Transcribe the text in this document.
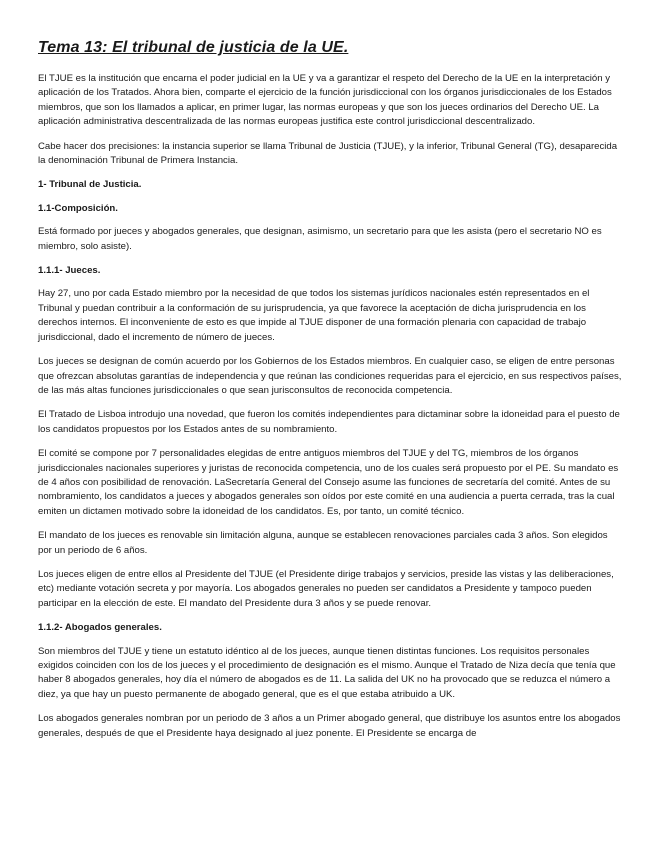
Tema 13: El tribunal de justicia de la UE.

El TJUE es la institución que encarna el poder judicial en la UE y va a garantizar el respeto del Derecho de la UE en la interpretación y aplicación de los Tratados. Ahora bien, comparte el ejercicio de la función jurisdiccional con los órganos jurisdiccionales de los Estados miembros, que son los llamados a aplicar, en primer lugar, las normas europeas y que son los jueces ordinarios del Derecho UE. La aplicación administrativa descentralizada de las normas europeas justifica este control jurisdiccional descentralizado.

Cabe hacer dos precisiones: la instancia superior se llama Tribunal de Justicia (TJUE), y la inferior, Tribunal General (TG), desaparecida la denominación Tribunal de Primera Instancia.

1- Tribunal de Justicia.

1.1-Composición.

Está formado por jueces y abogados generales, que designan, asimismo, un secretario para que les asista (pero el secretario NO es miembro, solo asiste).

1.1.1- Jueces.

Hay 27, uno por cada Estado miembro por la necesidad de que todos los sistemas jurídicos nacionales estén representados en el Tribunal y puedan contribuir a la conformación de su jurisprudencia, ya que favorece la aceptación de dicha jurisprudencia en los derechos internos. El inconveniente de esto es que impide al TJUE disponer de una formación plenaria con capacidad de trabajo jurisdiccional, dado el incremento de número de jueces.

Los jueces se designan de común acuerdo por los Gobiernos de los Estados miembros. En cualquier caso, se eligen de entre personas que ofrezcan absolutas garantías de independencia y que reúnan las condiciones requeridas para el ejercicio, en sus respectivos países, de las más altas funciones jurisdiccionales o que sean jurisconsultos de reconocida competencia.

El Tratado de Lisboa introdujo una novedad, que fueron los comités independientes para dictaminar sobre la idoneidad para el puesto de los candidatos propuestos por los Estados antes de su nombramiento.

El comité se compone por 7 personalidades elegidas de entre antiguos miembros del TJUE y del TG, miembros de los órganos jurisdiccionales nacionales superiores y juristas de reconocida competencia, uno de los cuales será propuesto por el PE. Su mandato es de 4 años con posibilidad de renovación. LaSecretaría General del Consejo asume las funciones de secretaría del comité. Antes de su nombramiento, los candidatos a jueces y abogados generales son oídos por este comité en una audiencia a puerta cerrada, tras la cual emiten un dictamen motivado sobre la idoneidad de los candidatos. Es, por tanto, un comité técnico.

El mandato de los jueces es renovable sin limitación alguna, aunque se establecen renovaciones parciales cada 3 años. Son elegidos por un periodo de 6 años.

Los jueces eligen de entre ellos al Presidente del TJUE (el Presidente dirige trabajos y servicios, preside las vistas y las deliberaciones, etc) mediante votación secreta y por mayoría. Los abogados generales no pueden ser candidatos a Presidente y tampoco pueden participar en la elección de este. El mandato del Presidente dura 3 años y se puede renovar.

1.1.2- Abogados generales.

Son miembros del TJUE y tiene un estatuto idéntico al de los jueces, aunque tienen distintas funciones. Los requisitos personales exigidos coinciden con los de los jueces y el procedimiento de designación es el mismo. Aunque el Tratado de Niza decía que tenía que haber 8 abogados generales, hoy día el número de abogados es de 11. La salida del UK no ha provocado que se reduzca el número a diez, ya que hay un puesto permanente de abogado general, que es el que estaba atribuido a UK.

Los abogados generales nombran por un periodo de 3 años a un Primer abogado general, que distribuye los asuntos entre los abogados generales, después de que el Presidente haya designado al juez ponente. El Presidente se encarga de
